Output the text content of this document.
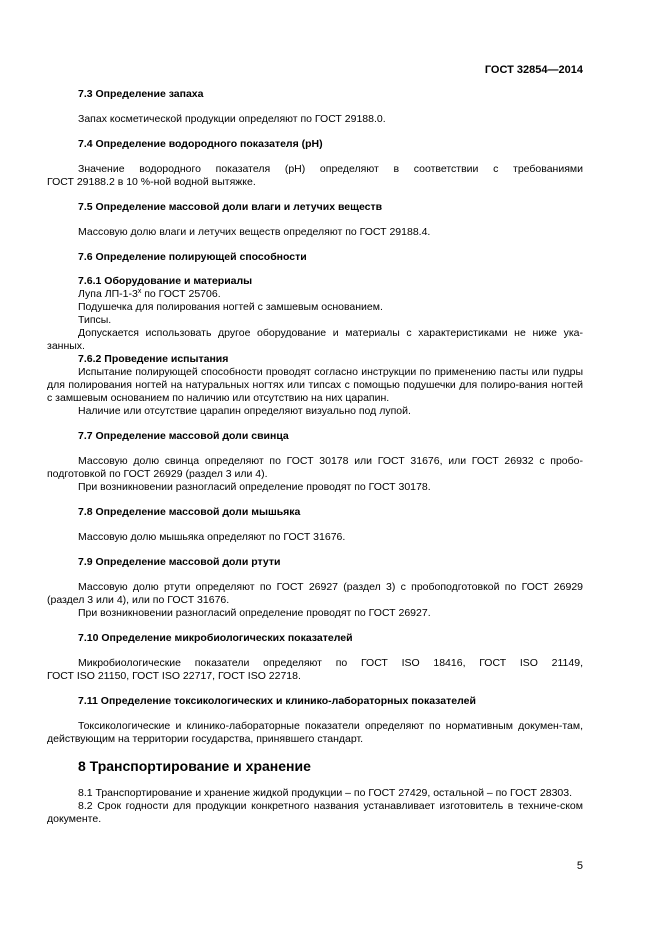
ГОСТ 32854—2014

7.3 Определение запаха

Запах косметической продукции определяют по ГОСТ 29188.0.

7.4 Определение водородного показателя (pH)

Значение водородного показателя (pH) определяют в соответствии с требованиями

ГОСТ 29188.2 в 10 %-ной водной вытяжке.

7.5 Определение массовой доли влаги и летучих веществ

Массовую долю влаги и летучих веществ определяют по ГОСТ 29188.4.

7.6 Определение полирующей способности

7.6.1 Оборудование и материалы

Лупа $ЛП-1-3^х$ по ГОСТ 25706.

Подушечка для полирования ногтей с замшевым основанием.

Типсы.

Допускается использовать другое оборудование и материалы с характеристиками не ниже ука-занных.

7.6.2 Проведение испытания

Испытание полирующей способности проводят согласно инструкции по применению пасты или пудры для полирования ногтей на натуральных ногтях или типсах с помощью подушечки для полиро-вания ногтей с замшевым основанием по наличию или отсутствию на них царапин.

Наличие или отсутствие царапин определяют визуально под лупой.

7.7 Определение массовой доли свинца

Массовую долю свинца определяют по ГОСТ 30178 или ГОСТ 31676, или ГОСТ 26932 с пробо-подготовкой по ГОСТ 26929 (раздел 3 или 4).

При возникновении разногласий определение проводят по ГОСТ 30178.

7.8 Определение массовой доли мышьяка

Массовую долю мышьяка определяют по ГОСТ 31676.

7.9 Определение массовой доли ртути

Массовую долю ртути определяют по ГОСТ 26927 (раздел 3) с пробоподготовкой по ГОСТ 26929 (раздел 3 или 4), или по ГОСТ 31676.

При возникновении разногласий определение проводят по ГОСТ 26927.

7.10 Определение микробиологических показателей

Микробиологические показатели определяют по ГОСТ ISO 18416, ГОСТ ISO 21149,

ГОСТ ISO 21150, ГОСТ ISO 22717, ГОСТ ISO 22718.

7.11 Определение токсикологических и клинико-лабораторных показателей

Токсикологические и клинико-лабораторные показатели определяют по нормативным докумен-там, действующим на территории государства, принявшего стандарт.

8 Транспортирование и хранение

8.1 Транспортирование и хранение жидкой продукции – по ГОСТ 27429, остальной – по ГОСТ 28303.

8.2 Срок годности для продукции конкретного названия устанавливает изготовитель в техниче-ском документе.

5
